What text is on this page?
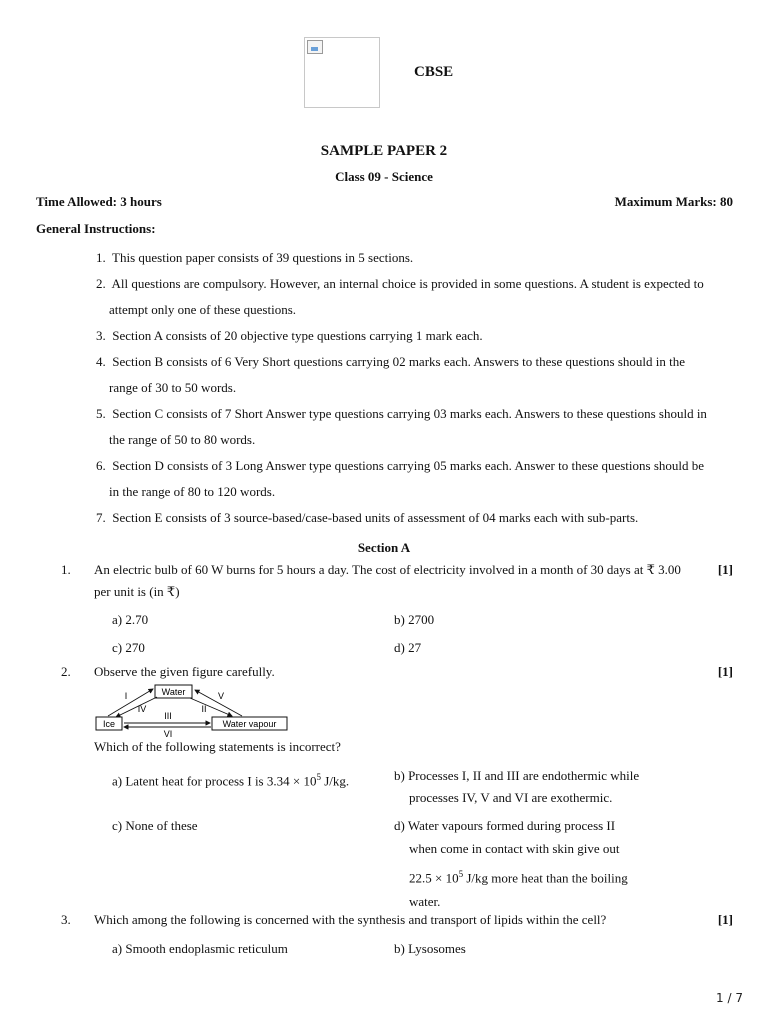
CBSE
SAMPLE PAPER 2
Class 09 - Science
Time Allowed: 3 hours	Maximum Marks: 80
General Instructions:
1. This question paper consists of 39 questions in 5 sections.
2. All questions are compulsory. However, an internal choice is provided in some questions. A student is expected to
attempt only one of these questions.
3. Section A consists of 20 objective type questions carrying 1 mark each.
4. Section B consists of 6 Very Short questions carrying 02 marks each. Answers to these questions should in the
range of 30 to 50 words.
5. Section C consists of 7 Short Answer type questions carrying 03 marks each. Answers to these questions should in
the range of 50 to 80 words.
6. Section D consists of 3 Long Answer type questions carrying 05 marks each. Answer to these questions should be
in the range of 80 to 120 words.
7. Section E consists of 3 source-based/case-based units of assessment of 04 marks each with sub-parts.
Section A
1. An electric bulb of 60 W burns for 5 hours a day. The cost of electricity involved in a month of 30 days at ₹ 3.00
per unit is (in ₹)
[1]
a) 2.70	b) 2700
c) 270	d) 27
2. Observe the given figure carefully.	[1]
Water
Ice	Water vapour
I
IV
V
II
III
VI
Which of the following statements is incorrect?
a) Latent heat for process I is $3.34 \times 10^5$ J/kg.	b) Processes I, II and III are endothermic while
processes IV, V and VI are exothermic.
c) None of these	d) Water vapours formed during process II
when come in contact with skin give out
$22.5 \times 10^5$ J/kg more heat than the boiling
water.
3. Which among the following is concerned with the synthesis and transport of lipids within the cell?	[1]
a) Smooth endoplasmic reticulum	b) Lysosomes
1 / 7
